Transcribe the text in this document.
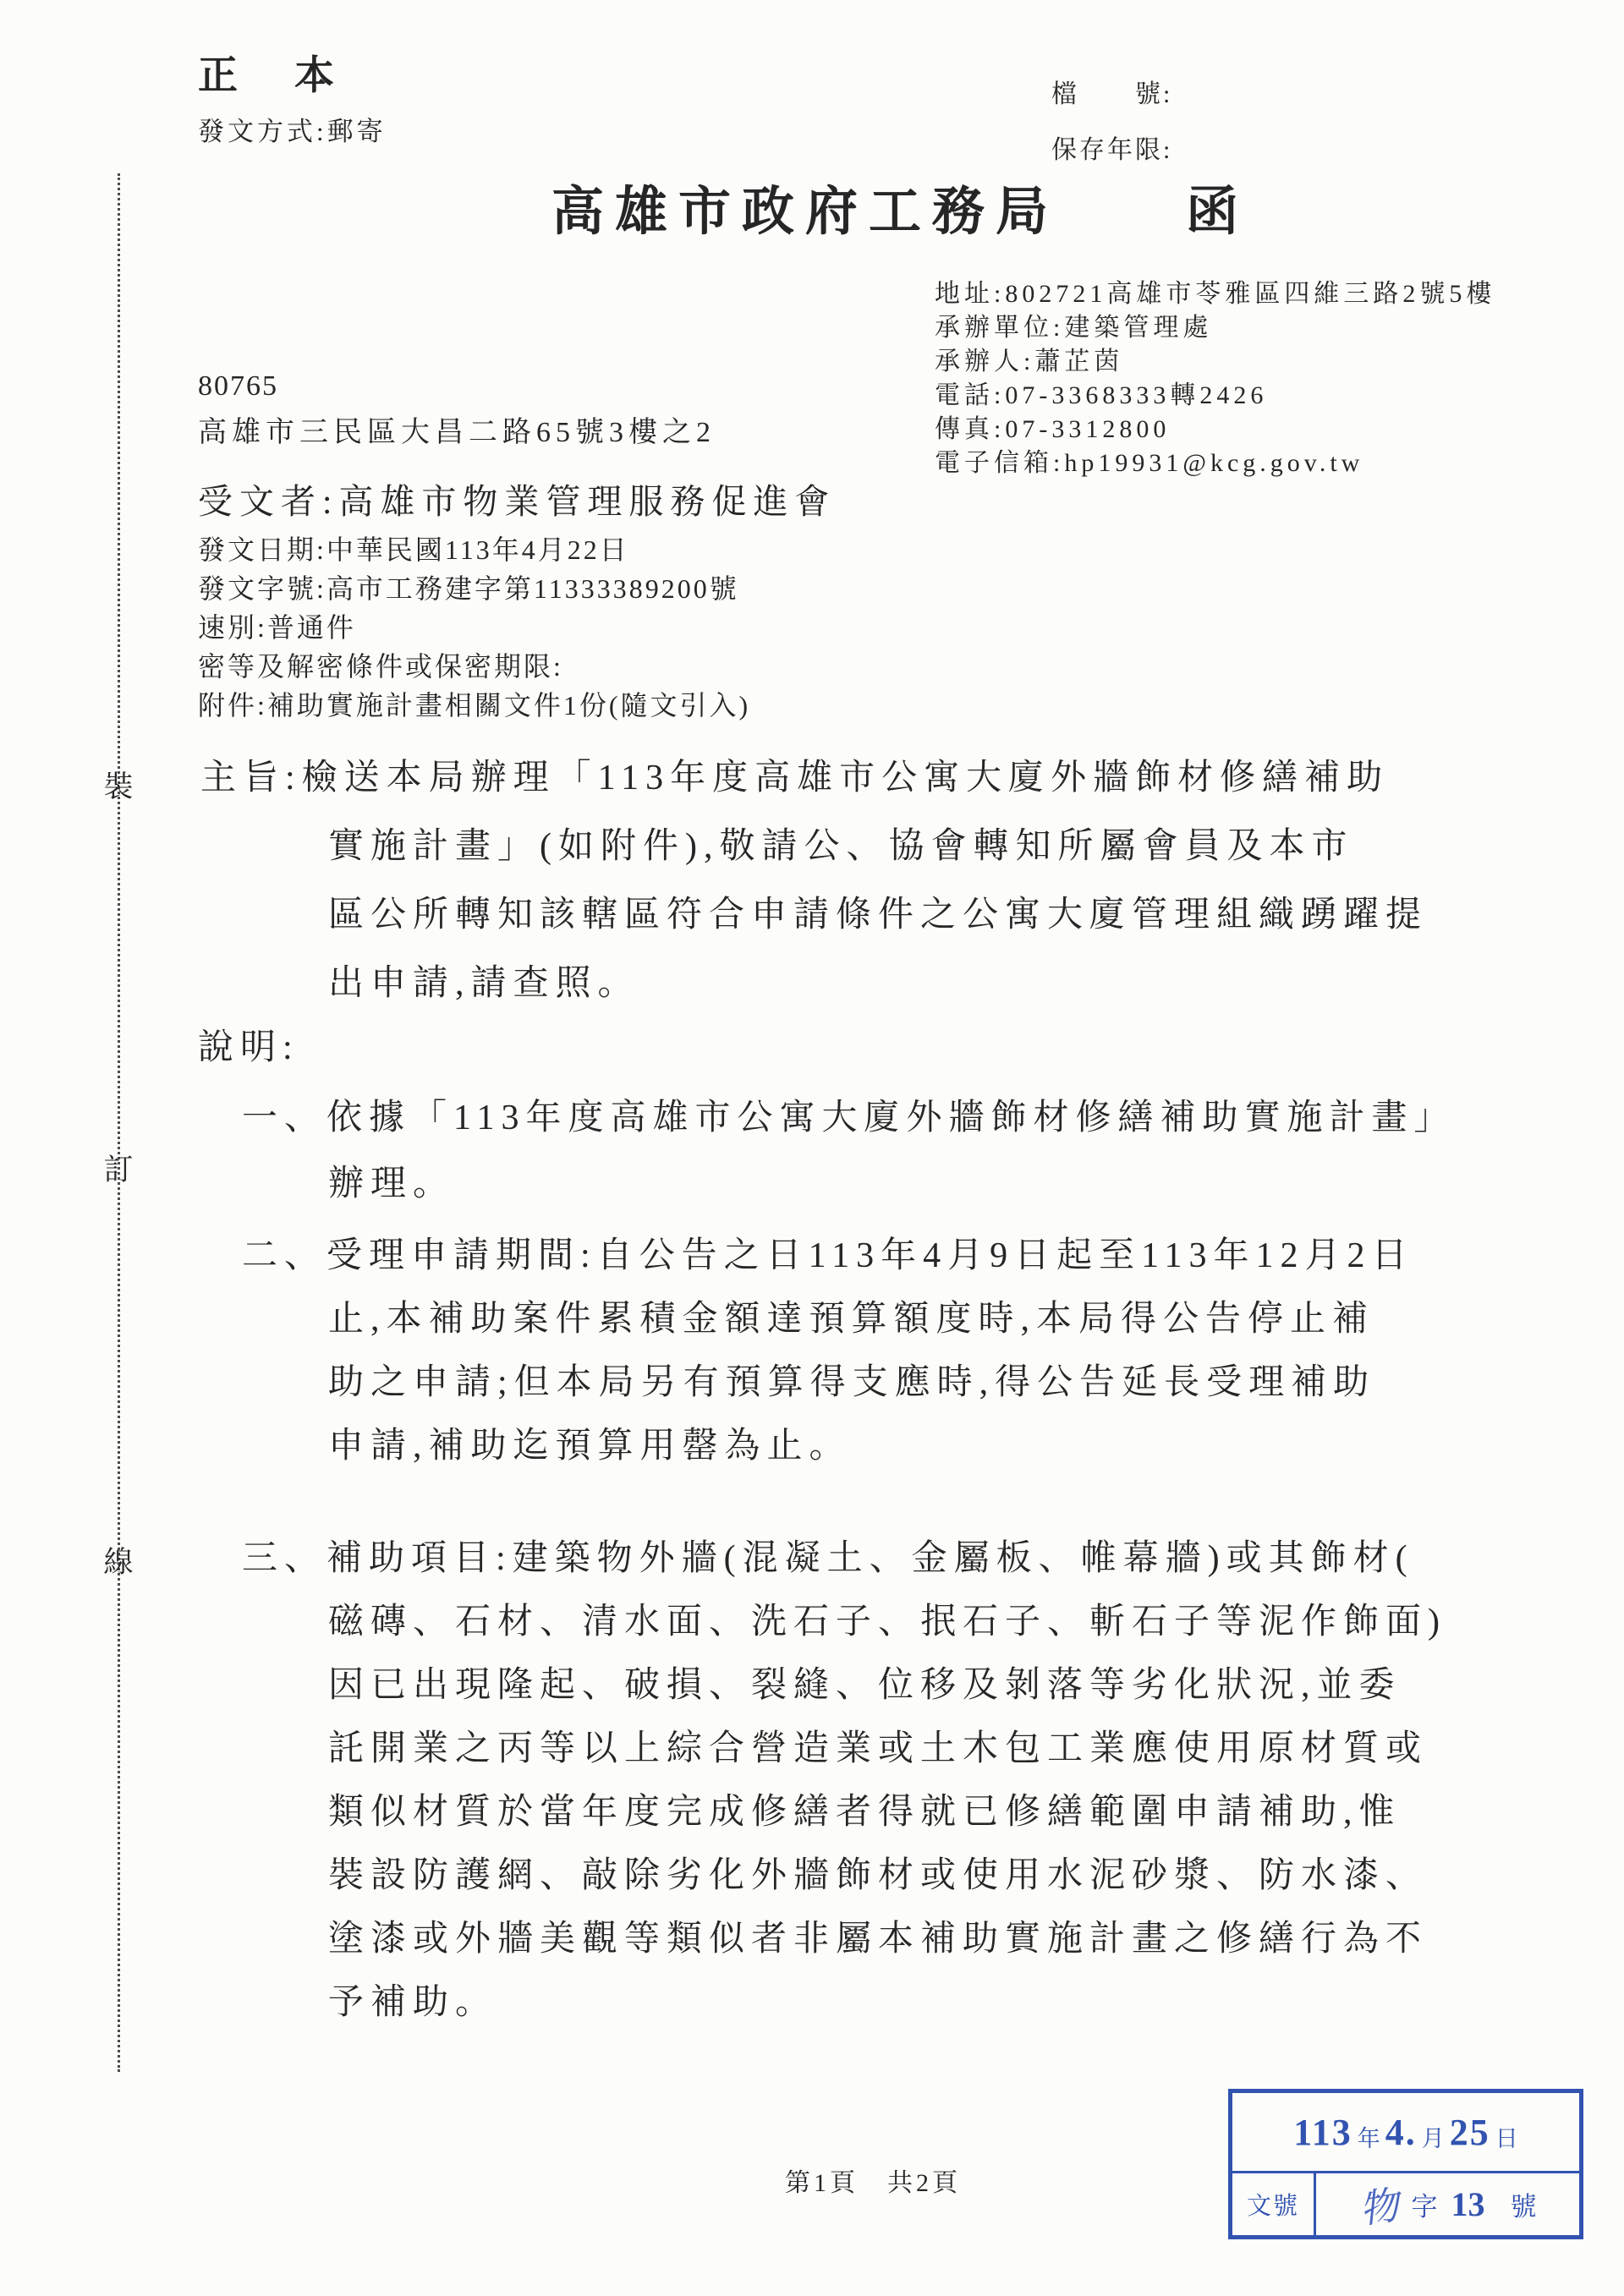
裝
訂
線
正　本
發文方式:郵寄
檔　　號:
保存年限:
高雄市政府工務局　　函
地址:802721高雄市苓雅區四維三路2號5樓
承辦單位:建築管理處
承辦人:蕭芷茵
電話:07-3368333轉2426
傳真:07-3312800
電子信箱:hp19931@kcg.gov.tw
80765
高雄市三民區大昌二路65號3樓之2
受文者:高雄市物業管理服務促進會
發文日期:中華民國113年4月22日
發文字號:高市工務建字第11333389200號
速別:普通件
密等及解密條件或保密期限:
附件:補助實施計畫相關文件1份(隨文引入)
主旨:檢送本局辦理「113年度高雄市公寓大廈外牆飾材修繕補助
實施計畫」(如附件),敬請公、協會轉知所屬會員及本市
區公所轉知該轄區符合申請條件之公寓大廈管理組織踴躍提
出申請,請查照。
說明:
一、依據「113年度高雄市公寓大廈外牆飾材修繕補助實施計畫」
辦理。
二、受理申請期間:自公告之日113年4月9日起至113年12月2日
止,本補助案件累積金額達預算額度時,本局得公告停止補
助之申請;但本局另有預算得支應時,得公告延長受理補助
申請,補助迄預算用罄為止。
三、補助項目:建築物外牆(混凝土、金屬板、帷幕牆)或其飾材(
磁磚、石材、清水面、洗石子、抿石子、斬石子等泥作飾面)
因已出現隆起、破損、裂縫、位移及剝落等劣化狀況,並委
託開業之丙等以上綜合營造業或土木包工業應使用原材質或
類似材質於當年度完成修繕者得就已修繕範圍申請補助,惟
裝設防護網、敲除劣化外牆飾材或使用水泥砂漿、防水漆、
塗漆或外牆美觀等類似者非屬本補助實施計畫之修繕行為不
予補助。
第1頁　共2頁
113 年 4. 月 25 日
文號	物 字 13 號
